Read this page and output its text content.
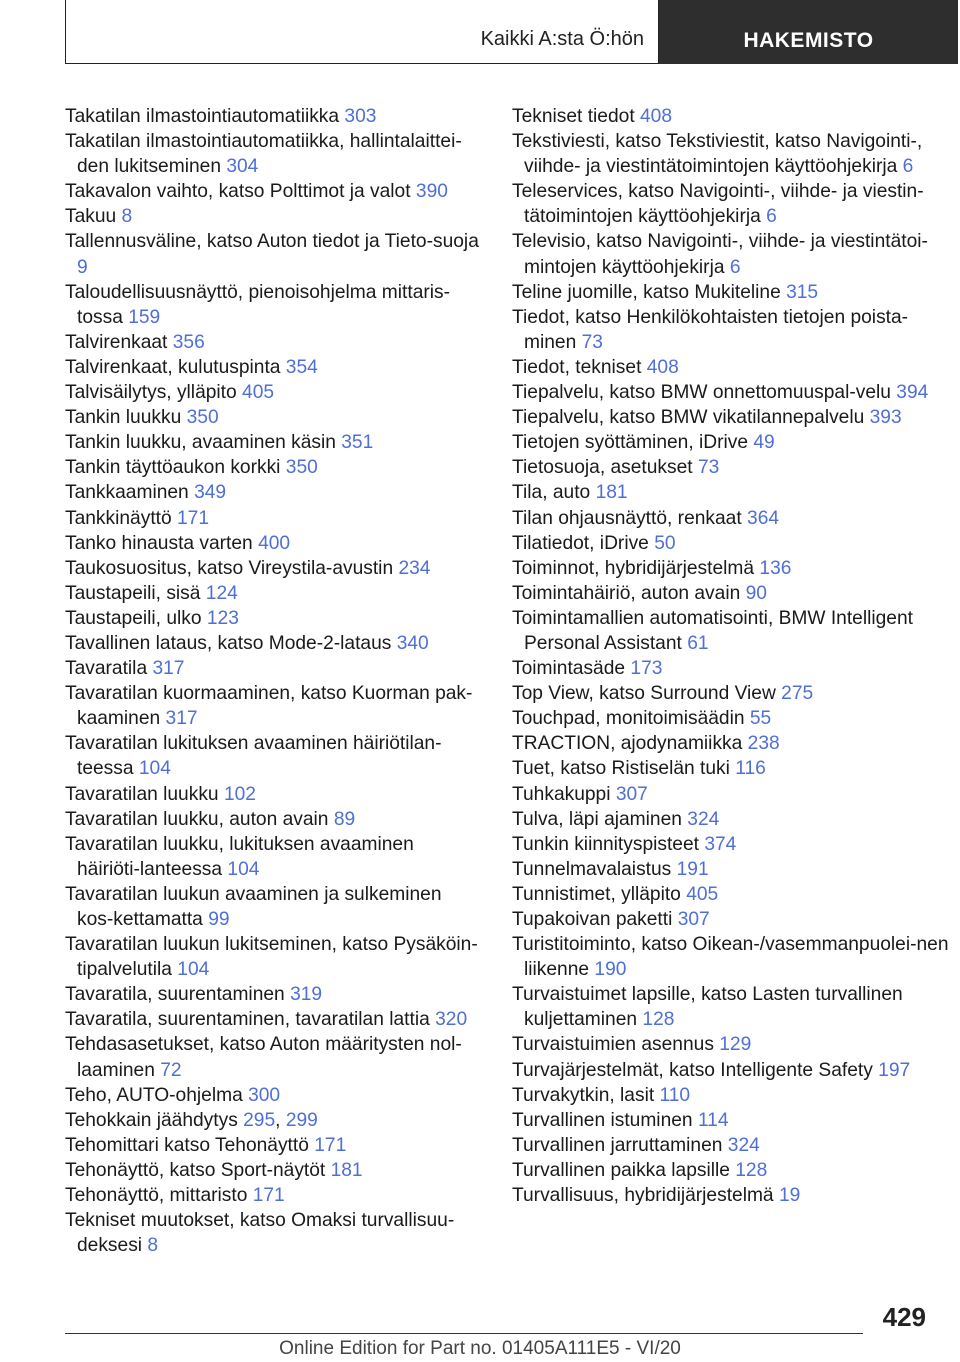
Kaikki A:sta Ö:hön	HAKEMISTO
Takatilan ilmastointiautomatiikka 303
Takatilan ilmastointiautomatiikka, hallintalaittei‐den lukitseminen 304
Takavalon vaihto, katso Polttimot ja valot 390
Takuu 8
Tallennusväline, katso Auton tiedot ja Tieto‐suoja 9
Taloudellisuusnäyttö, pienoisohjelma mittaris‐tossa 159
Talvirenkaat 356
Talvirenkaat, kulutuspinta 354
Talvisäilytys, ylläpito 405
Tankin luukku 350
Tankin luukku, avaaminen käsin 351
Tankin täyttöaukon korkki 350
Tankkaaminen 349
Tankkinäyttö 171
Tanko hinausta varten 400
Taukosuositus, katso Vireystila-avustin 234
Taustapeili, sisä 124
Taustapeili, ulko 123
Tavallinen lataus, katso Mode-2-lataus 340
Tavaratila 317
Tavaratilan kuormaaminen, katso Kuorman pak‐kaaminen 317
Tavaratilan lukituksen avaaminen häiriötilan‐teessa 104
Tavaratilan luukku 102
Tavaratilan luukku, auton avain 89
Tavaratilan luukku, lukituksen avaaminen häiriöti‐lanteessa 104
Tavaratilan luukun avaaminen ja sulkeminen kos‐kettamatta 99
Tavaratilan luukun lukitseminen, katso Pysäköin‐tipalvelutila 104
Tavaratila, suurentaminen 319
Tavaratila, suurentaminen, tavaratilan lattia 320
Tehdasasetukset, katso Auton määritysten nol‐laaminen 72
Teho, AUTO-ohjelma 300
Tehokkain jäähdytys 295, 299
Tehomittari katso Tehonäyttö 171
Tehonäyttö, katso Sport-näytöt 181
Tehonäyttö, mittaristo 171
Tekniset muutokset, katso Omaksi turvallisuu‐deksesi 8
Tekniset tiedot 408
Tekstiviesti, katso Tekstiviestit, katso Navigointi-, viihde- ja viestintätoimintojen käyttöohjekirja 6
Teleservices, katso Navigointi-, viihde- ja viestin‐tätoimintojen käyttöohjekirja 6
Televisio, katso Navigointi-, viihde- ja viestintätoi‐mintojen käyttöohjekirja 6
Teline juomille, katso Mukiteline 315
Tiedot, katso Henkilökohtaisten tietojen poista‐minen 73
Tiedot, tekniset 408
Tiepalvelu, katso BMW onnettomuuspal‐velu 394
Tiepalvelu, katso BMW vikatilannepalvelu 393
Tietojen syöttäminen, iDrive 49
Tietosuoja, asetukset 73
Tila, auto 181
Tilan ohjausnäyttö, renkaat 364
Tilatiedot, iDrive 50
Toiminnot, hybridijärjestelmä 136
Toimintahäiriö, auton avain 90
Toimintamallien automatisointi, BMW Intelligent Personal Assistant 61
Toimintasäde 173
Top View, katso Surround View 275
Touchpad, monitoimisäädin 55
TRACTION, ajodynamiikka 238
Tuet, katso Ristiselän tuki 116
Tuhkakuppi 307
Tulva, läpi ajaminen 324
Tunkin kiinnityspisteet 374
Tunnelmavalaistus 191
Tunnistimet, ylläpito 405
Tupakoivan paketti 307
Turistitoiminto, katso Oikean-/vasemmanpuolei‐nen liikenne 190
Turvaistuimet lapsille, katso Lasten turvallinen kuljettaminen 128
Turvaistuimien asennus 129
Turvajärjestelmät, katso Intelligente Safety 197
Turvakytkin, lasit 110
Turvallinen istuminen 114
Turvallinen jarruttaminen 324
Turvallinen paikka lapsille 128
Turvallisuus, hybridijärjestelmä 19
429
Online Edition for Part no. 01405A111E5 - VI/20
